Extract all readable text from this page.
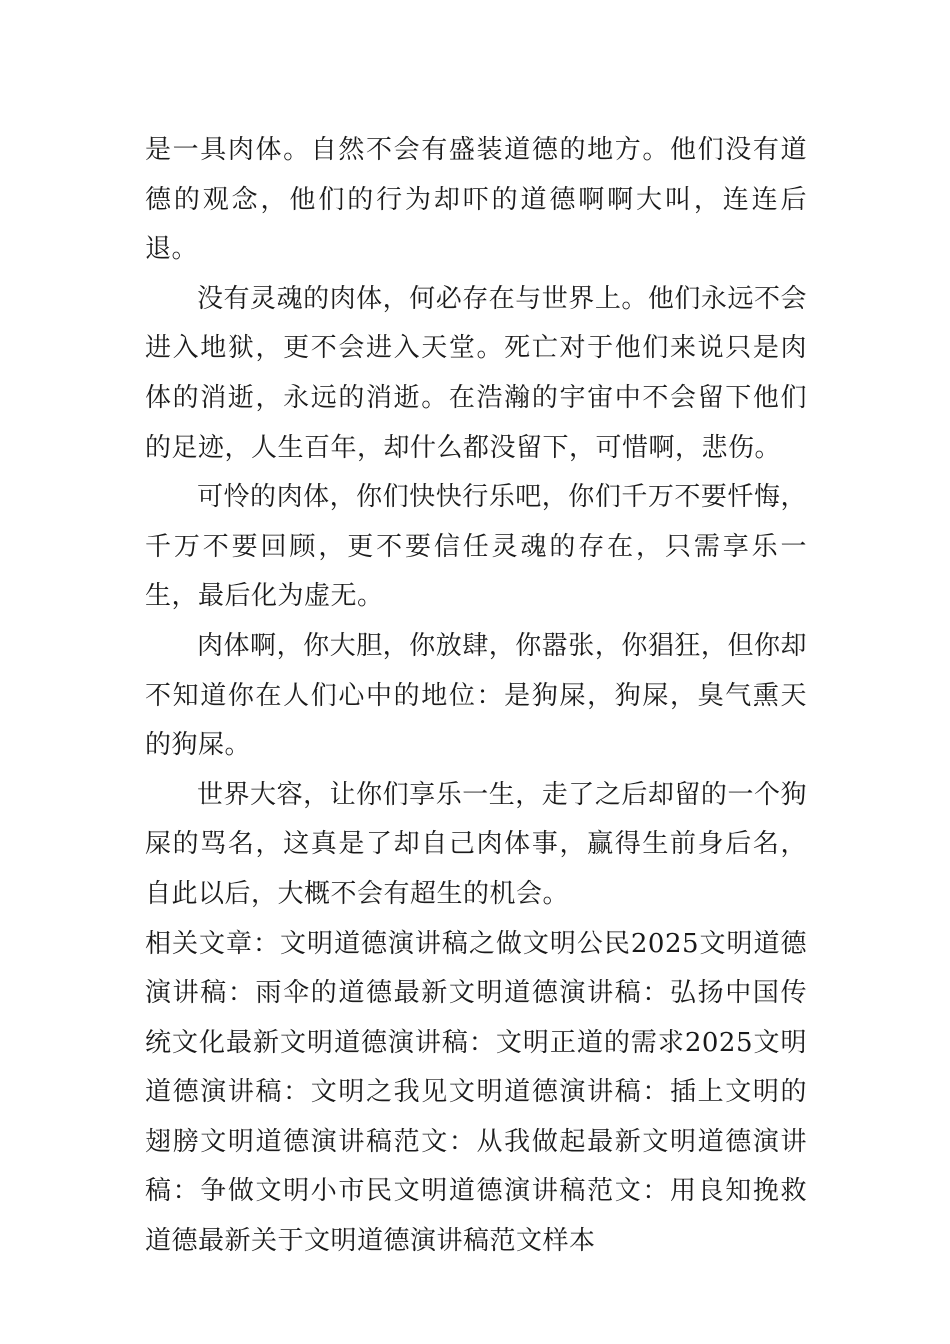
是一具肉体。自然不会有盛装道德的地方。他们没有道德的观念，他们的行为却吓的道德啊啊大叫，连连后退。

没有灵魂的肉体，何必存在与世界上。他们永远不会进入地狱，更不会进入天堂。死亡对于他们来说只是肉体的消逝，永远的消逝。在浩瀚的宇宙中不会留下他们的足迹，人生百年，却什么都没留下，可惜啊，悲伤。

可怜的肉体，你们快快行乐吧，你们千万不要忏悔，千万不要回顾，更不要信任灵魂的存在，只需享乐一生，最后化为虚无。

肉体啊，你大胆，你放肆，你嚣张，你猖狂，但你却不知道你在人们心中的地位：是狗屎，狗屎，臭气熏天的狗屎。

世界大容，让你们享乐一生，走了之后却留的一个狗屎的骂名，这真是了却自己肉体事，赢得生前身后名，自此以后，大概不会有超生的机会。

相关文章：文明道德演讲稿之做文明公民2025文明道德演讲稿：雨伞的道德最新文明道德演讲稿：弘扬中国传统文化最新文明道德演讲稿：文明正道的需求2025文明道德演讲稿：文明之我见文明道德演讲稿：插上文明的翅膀文明道德演讲稿范文：从我做起最新文明道德演讲稿：争做文明小市民文明道德演讲稿范文：用良知挽救道德最新关于文明道德演讲稿范文样本
